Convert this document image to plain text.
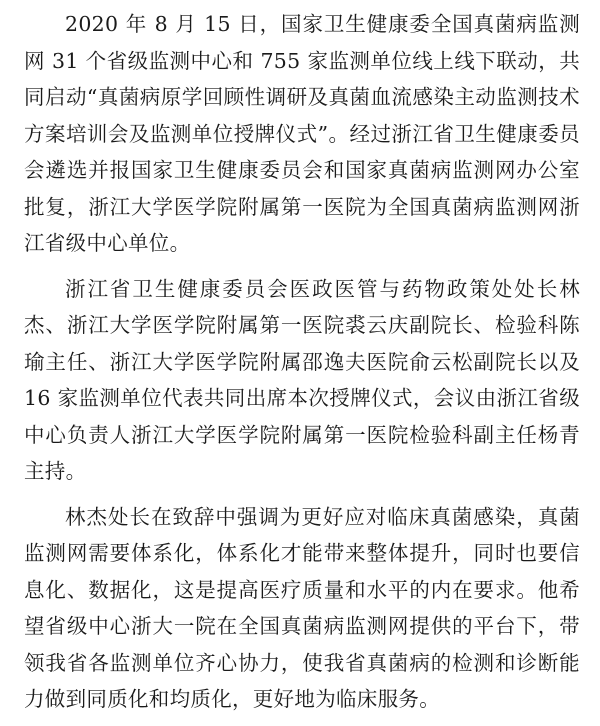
2020 年 8 月 15 日，国家卫生健康委全国真菌病监测网 31 个省级监测中心和 755 家监测单位线上线下联动，共同启动“真菌病原学回顾性调研及真菌血流感染主动监测技术方案培训会及监测单位授牌仪式”。经过浙江省卫生健康委员会遴选并报国家卫生健康委员会和国家真菌病监测网办公室批复，浙江大学医学院附属第一医院为全国真菌病监测网浙江省级中心单位。

浙江省卫生健康委员会医政医管与药物政策处处长林杰、浙江大学医学院附属第一医院裘云庆副院长、检验科陈瑜主任、浙江大学医学院附属邵逸夫医院俞云松副院长以及 16 家监测单位代表共同出席本次授牌仪式，会议由浙江省级中心负责人浙江大学医学院附属第一医院检验科副主任杨青主持。

林杰处长在致辞中强调为更好应对临床真菌感染，真菌监测网需要体系化，体系化才能带来整体提升，同时也要信息化、数据化，这是提高医疗质量和水平的内在要求。他希望省级中心浙大一院在全国真菌病监测网提供的平台下，带领我省各监测单位齐心协力，使我省真菌病的检测和诊断能力做到同质化和均质化，更好地为临床服务。
